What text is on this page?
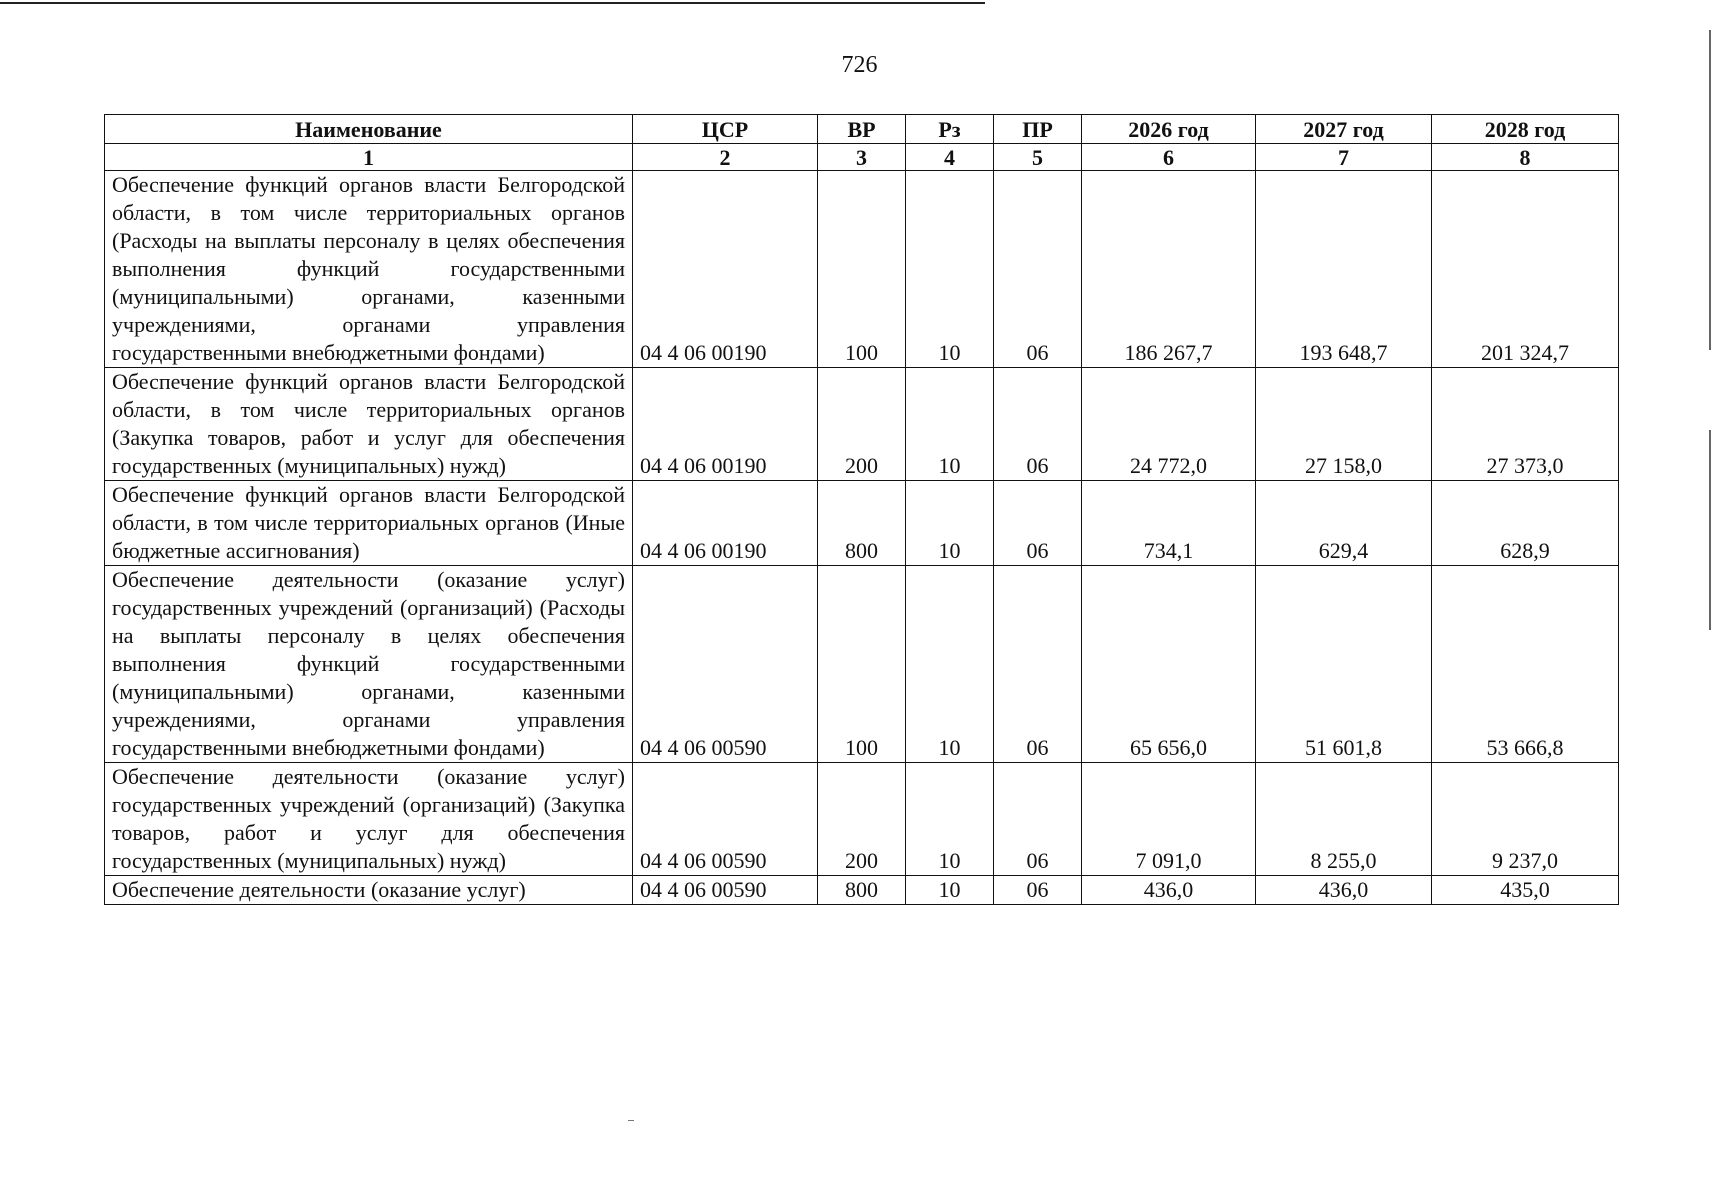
726
Наименование	ЦСР	ВР	Рз	ПР	2026 год	2027 год	2028 год
1	2	3	4	5	6	7	8
Обеспечение функций органов власти Белгородской области, в том числе территориальных органов (Расходы на выплаты персоналу в целях обеспечения выполнения функций государственными (муниципальными) органами, казенными учреждениями, органами управления государственными внебюджетными фондами)	04 4 06 00190	100	10	06	186 267,7	193 648,7	201 324,7
Обеспечение функций органов власти Белгородской области, в том числе территориальных органов (Закупка товаров, работ и услуг для обеспечения государственных (муниципальных) нужд)	04 4 06 00190	200	10	06	24 772,0	27 158,0	27 373,0
Обеспечение функций органов власти Белгородской области, в том числе территориальных органов (Иные бюджетные ассигнования)	04 4 06 00190	800	10	06	734,1	629,4	628,9
Обеспечение деятельности (оказание услуг) государственных учреждений (организаций) (Расходы на выплаты персоналу в целях обеспечения выполнения функций государственными (муниципальными) органами, казенными учреждениями, органами управления государственными внебюджетными фондами)	04 4 06 00590	100	10	06	65 656,0	51 601,8	53 666,8
Обеспечение деятельности (оказание услуг) государственных учреждений (организаций) (Закупка товаров, работ и услуг для обеспечения государственных (муниципальных) нужд)	04 4 06 00590	200	10	06	7 091,0	8 255,0	9 237,0
Обеспечение деятельности (оказание услуг)	04 4 06 00590	800	10	06	436,0	436,0	435,0
